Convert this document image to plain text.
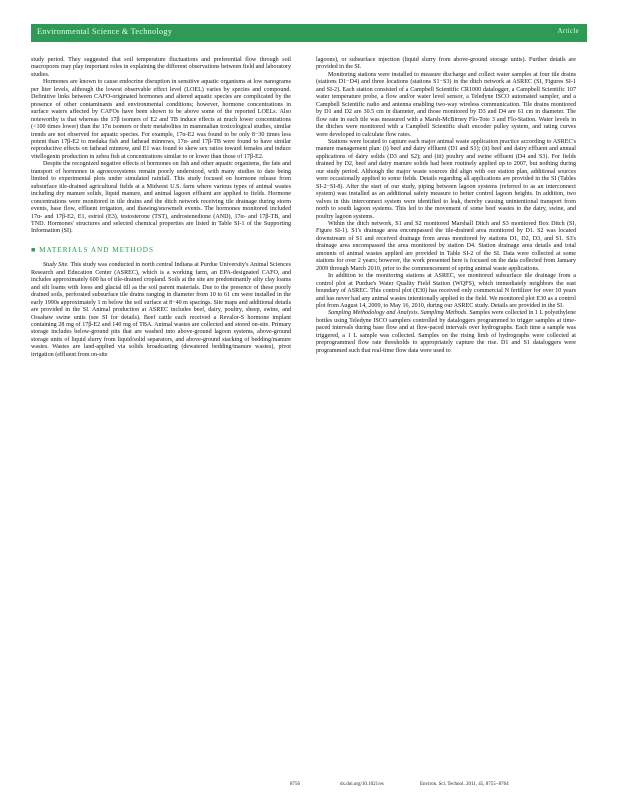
Environmental Science & Technology	Article

study period. They suggested that soil temperature fluctuations and preferential flow through soil macropores may play important roles in explaining the different observations between field and laboratory studies.

Hormones are known to cause endocrine disruption in sensitive aquatic organisms at low nanograms per liter levels, although the lowest observable effect level (LOEL) varies by species and compound. Definitive links between CAFO-originated hormones and altered aquatic species are complicated by the presence of other contaminants and environmental conditions; however, hormone concentrations in surface waters affected by CAFOs have been shown to be above some of the reported LOELs. Also noteworthy is that whereas the 17β isomers of E2 and TB induce effects at much lower concentrations (<100 times lower) than the 17α isomers or their metabolites in mammalian toxicological studies, similar trends are not observed for aquatic species. For example, 17α-E2 was found to be only 8−30 times less potent than 17β-E2 to medaka fish and fathead minnows, 17α- and 17β-TB were found to have similar reproductive effects on fathead minnow, and E1 was found to skew sex ratios toward females and induce vitellogenin production in zebra fish at concentrations similar to or lower than those of 17β-E2.

Despite the recognized negative effects of hormones on fish and other aquatic organisms, the fate and transport of hormones in agroecosystems remain poorly understood, with many studies to date being limited to experimental plots under simulated rainfall. This study focused on hormone release from subsurface tile-drained agricultural fields at a Midwest U.S. farm where various types of animal wastes including dry manure solids, liquid manure, and animal lagoon effluent are applied to fields. Hormone concentrations were monitored in tile drains and the ditch network receiving tile drainage during storm events, base flow, effluent irrigation, and thawing/snowmelt events. The hormones monitored included 17α- and 17β-E2, E1, estriol (E3), testosterone (TST), androstenedione (AND), 17α- and 17β-TB, and TND. Hormones' structures and selected chemical properties are listed in Table SI-1 of the Supporting Information (SI).

■ MATERIALS AND METHODS

Study Site. This study was conducted in north central Indiana at Purdue University's Animal Sciences Research and Education Center (ASREC), which is a working farm, an EPA-designated CAFO, and includes approximately 600 ha of tile-drained cropland. Soils at the site are predominantly silty clay loams and silt loams with loess and glacial till as the soil parent materials. Due to the presence of these poorly drained soils, perforated subsurface tile drains ranging in diameter from 10 to 61 cm were installed in the early 1990s approximately 1 m below the soil surface at 8−40 m spacings. Site maps and additional details are provided in the SI. Animal production at ASREC includes beef, dairy, poultry, sheep, swine, and Ossabaw swine units (see SI for details). Beef cattle each received a Revalor-S hormone implant containing 28 mg of 17β-E2 and 140 mg of TBA. Animal wastes are collected and stored on-site. Primary storage includes below-ground pits that are washed into above-ground lagoon systems, above-ground storage units of liquid slurry from liquid/solid separators, and above-ground stacking of bedding/manure wastes. Wastes are land-applied via solids broadcasting (dewatered bedding/manure wastes), pivot irrigation (effluent from on-site

lagoons), or subsurface injection (liquid slurry from above-ground storage units). Further details are provided in the SI.

Monitoring stations were installed to measure discharge and collect water samples at four tile drains (stations D1−D4) and three locations (stations S1−S3) in the ditch network at ASREC (SI, Figures SI-1 and SI-2). Each station consisted of a Campbell Scientific CR1000 datalogger, a Campbell Scientific 107 water temperature probe, a flow and/or water level sensor, a Teledyne ISCO automated sampler, and a Campbell Scientific radio and antenna enabling two-way wireless communication. Tile drains monitored by D1 and D2 are 30.5 cm in diameter, and those monitored by D3 and D4 are 61 cm in diameter. The flow rate in each tile was measured with a Marsh-McBirney Flo-Tote 3 and Flo-Station. Water levels in the ditches were monitored with a Campbell Scientific shaft encoder pulley system, and rating curves were developed to calculate flow rates.

Stations were located to capture each major animal waste application practice according to ASREC's manure management plan: (i) beef and dairy effluent (D1 and S1); (ii) beef and dairy effluent and annual applications of dairy solids (D3 and S2); and (iii) poultry and swine effluent (D4 and S3). For fields drained by D2, beef and dairy manure solids had been routinely applied up to 2007, but nothing during our study period. Although the major waste sources did align with our station plan, additional sources were occasionally applied to some fields. Details regarding all applications are provided in the SI (Tables SI-2−SI-8). After the start of our study, piping between lagoon systems (referred to as an interconnect system) was installed as an additional safety measure to better control lagoon heights. In addition, two valves in this interconnect system were identified to leak, thereby causing unintentional transport from north to south lagoon systems. This led to the movement of some beef wastes to the dairy, swine, and poultry lagoon systems.

Within the ditch network, S1 and S2 monitored Marshall Ditch and S3 monitored Box Ditch (SI, Figure SI-1). S1's drainage area encompassed the tile-drained area monitored by D1. S2 was located downstream of S1 and received drainage from areas monitored by stations D1, D2, D3, and S1. S3's drainage area encompassed the area monitored by station D4. Station drainage area details and total amounts of animal wastes applied are provided in Table SI-2 of the SI. Data were collected at some stations for over 2 years; however, the work presented here is focused on the data collected from January 2009 through March 2010, prior to the commencement of spring animal waste applications.

In addition to the monitoring stations at ASREC, we monitored subsurface tile drainage from a control plot at Purdue's Water Quality Field Station (WQFS), which immediately neighbors the east boundary of ASREC. This control plot (E30) has received only commercial N fertilizer for over 10 years and has never had any animal wastes intentionally applied to the field. We monitored plot E30 as a control plot from August 14, 2009, to May 16, 2010, during our ASREC study. Details are provided in the SI.

Sampling Methodology and Analysis. Sampling Methods. Samples were collected in 1 L polyethylene bottles using Teledyne ISCO samplers controlled by dataloggers programmed to trigger samples at time-paced intervals during base flow and at flow-paced intervals over hydrographs. Each time a sample was triggered, a 1 L sample was collected. Samples on the rising limb of hydrographs were collected at preprogrammed flow rate thresholds to appropriately capture the rise. D1 and S1 dataloggers were programmed such that real-time flow data were used to

8756	dx.doi.org/10.1021/es	Environ. Sci. Technol. 2011, 45, 8755−8764
